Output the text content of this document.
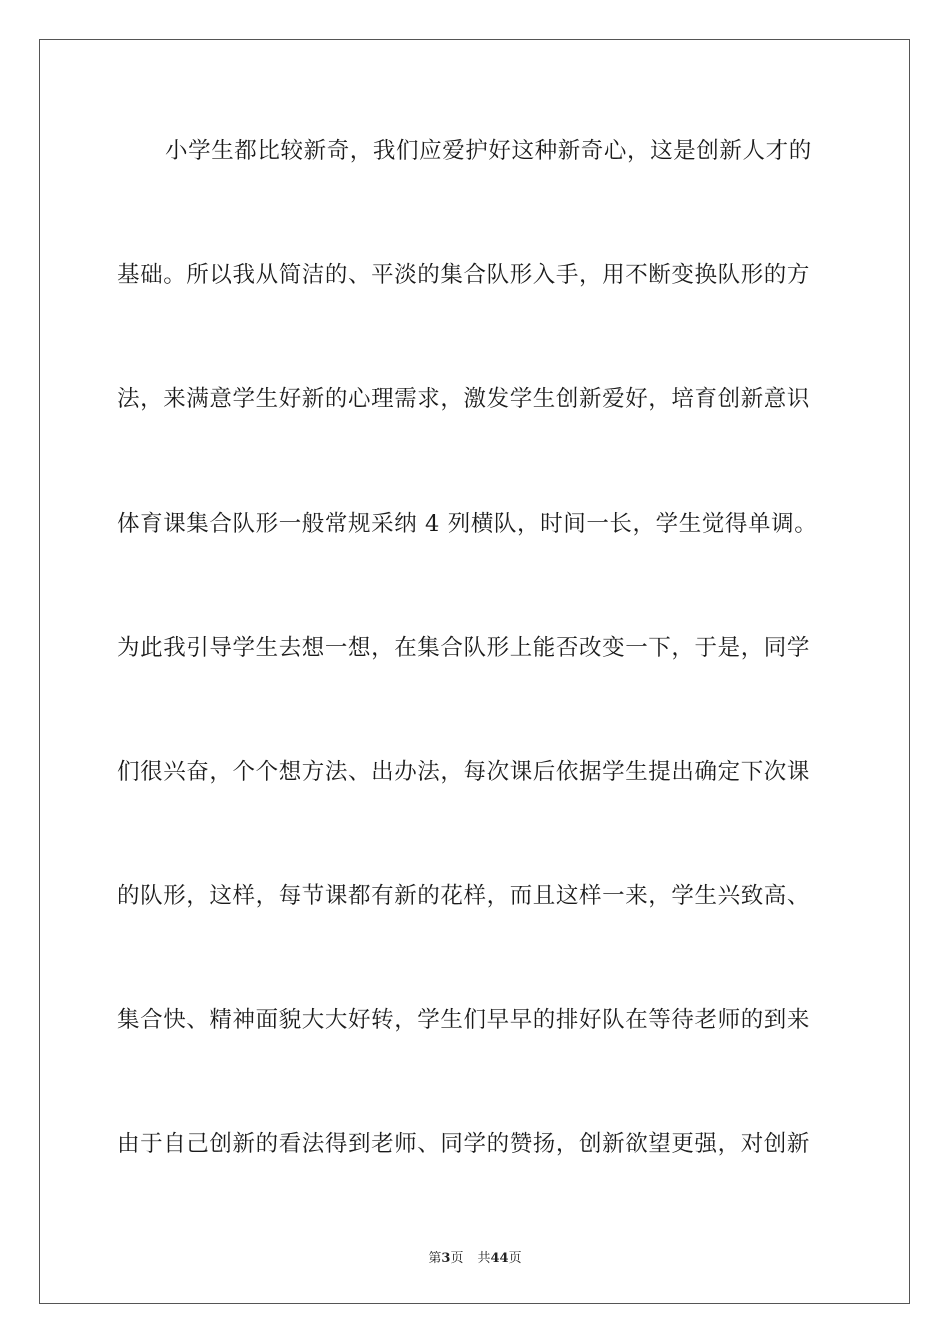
小学生都比较新奇，我们应爱护好这种新奇心，这是创新人才的
基础。所以我从简洁的、平淡的集合队形入手，用不断变换队形的方
法，来满意学生好新的心理需求，激发学生创新爱好，培育创新意识
体育课集合队形一般常规采纳 4 列横队，时间一长，学生觉得单调。
为此我引导学生去想一想，在集合队形上能否改变一下，于是，同学
们很兴奋，个个想方法、出办法，每次课后依据学生提出确定下次课
的队形，这样，每节课都有新的花样，而且这样一来，学生兴致高、
集合快、精神面貌大大好转，学生们早早的排好队在等待老师的到来
由于自己创新的看法得到老师、同学的赞扬，创新欲望更强，对创新
第3页 共44页
